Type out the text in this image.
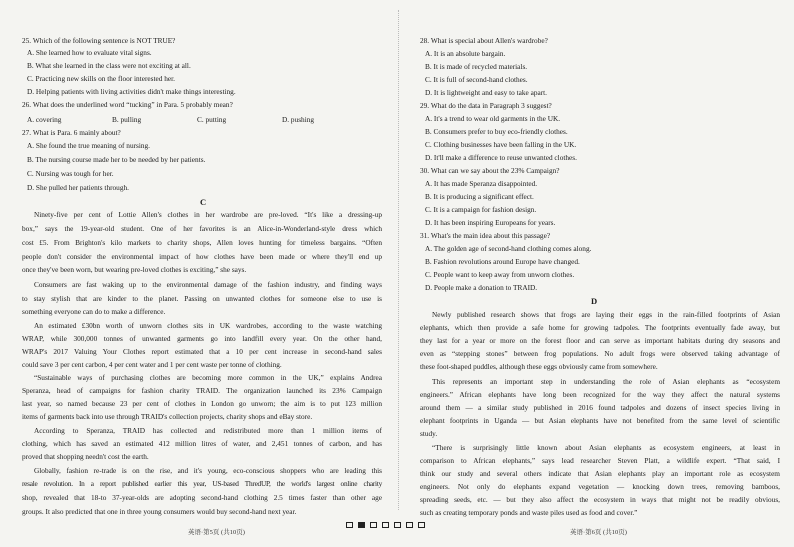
25. Which of the following sentence is NOT TRUE?
A. She learned how to evaluate vital signs.
B. What she learned in the class were not exciting at all.
C. Practicing new skills on the floor interested her.
D. Helping patients with living activities didn't make things interesting.
26. What does the underlined word “tucking” in Para. 5 probably mean?
A. covering	B. pulling	C. putting	D. pushing
27. What is Para. 6 mainly about?
A. She found the true meaning of nursing.
B. The nursing course made her to be needed by her patients.
C. Nursing was tough for her.
D. She pulled her patients through.
C
Ninety-five per cent of Lottie Allen's clothes in her wardrobe are pre-loved. “It's like a dressing-up
box,” says the 19-year-old student. One of her favorites is an Alice-in-Wonderland-style dress which
cost £5. From Brighton's kilo markets to charity shops, Allen loves hunting for timeless bargains. “Often
people don't consider the environmental impact of how clothes have been made or where they'll end up
once they've been worn, but wearing pre-loved clothes is exciting,” she says.
Consumers are fast waking up to the environmental damage of the fashion industry, and finding ways
to stay stylish that are kinder to the planet. Passing on unwanted clothes for someone else to use is
something everyone can do to make a difference.
An estimated £30bn worth of unworn clothes sits in UK wardrobes, according to the waste watching
WRAP, while 300,000 tonnes of unwanted garments go into landfill every year. On the other hand,
WRAP's 2017 Valuing Your Clothes report estimated that a 10 per cent increase in second-hand sales
could save 3 per cent carbon, 4 per cent water and 1 per cent waste per tonne of clothing.
“Sustainable ways of purchasing clothes are becoming more common in the UK,” explains Andrea
Speranza, head of campaigns for fashion charity TRAID. The organization launched its 23% Campaign
last year, so named because 23 per cent of clothes in London go unworn; the aim is to put 123 million
items of garments back into use through TRAID's collection projects, charity shops and eBay store.
According to Speranza, TRAID has collected and redistributed more than 1 million items of
clothing, which has saved an estimated 412 million litres of water, and 2,451 tonnes of carbon, and has
proved that shopping needn't cost the earth.
Globally, fashion re-trade is on the rise, and it's young, eco-conscious shoppers who are leading this
resale revolution. In a report published earlier this year, US-based ThredUP, the world's largest online charity
shop, revealed that 18-to 37-year-olds are adopting second-hand clothing 2.5 times faster than other age
groups. It also predicted that one in three young consumers would buy second-hand next year.
英语·第5页 (共10页)
28. What is special about Allen's wardrobe?
A. It is an absolute bargain.
B. It is made of recycled materials.
C. It is full of second-hand clothes.
D. It is lightweight and easy to take apart.
29. What do the data in Paragraph 3 suggest?
A. It's a trend to wear old garments in the UK.
B. Consumers prefer to buy eco-friendly clothes.
C. Clothing businesses have been falling in the UK.
D. It'll make a difference to reuse unwanted clothes.
30. What can we say about the 23% Campaign?
A. It has made Speranza disappointed.
B. It is producing a significant effect.
C. It is a campaign for fashion design.
D. It has been inspiring Europeans for years.
31. What's the main idea about this passage?
A. The golden age of second-hand clothing comes along.
B. Fashion revolutions around Europe have changed.
C. People want to keep away from unworn clothes.
D. People make a donation to TRAID.
D
Newly published research shows that frogs are laying their eggs in the rain-filled footprints of Asian
elephants, which then provide a safe home for growing tadpoles. The footprints eventually fade away, but
they last for a year or more on the forest floor and can serve as important habitats during dry seasons and
even as “stepping stones” between frog populations. No adult frogs were observed taking advantage of
these foot-shaped puddles, although these eggs obviously came from somewhere.
This represents an important step in understanding the role of Asian elephants as “ecosystem
engineers.” African elephants have long been recognized for the way they affect the natural systems
around them — a similar study published in 2016 found tadpoles and dozens of insect species living in
elephant footprints in Uganda — but Asian elephants have not benefited from the same level of scientific
study.
“There is surprisingly little known about Asian elephants as ecosystem engineers, at least in
comparison to African elephants,” says lead researcher Steven Platt, a wildlife expert. “That said, I
think our study and several others indicate that Asian elephants play an important role as ecosystem
engineers. Not only do elephants expand vegetation — knocking down trees, removing bamboos,
spreading seeds, etc. — but they also affect the ecosystem in ways that might not be readily obvious,
such as creating temporary ponds and waste piles used as food and cover.”
英语·第6页 (共10页)
